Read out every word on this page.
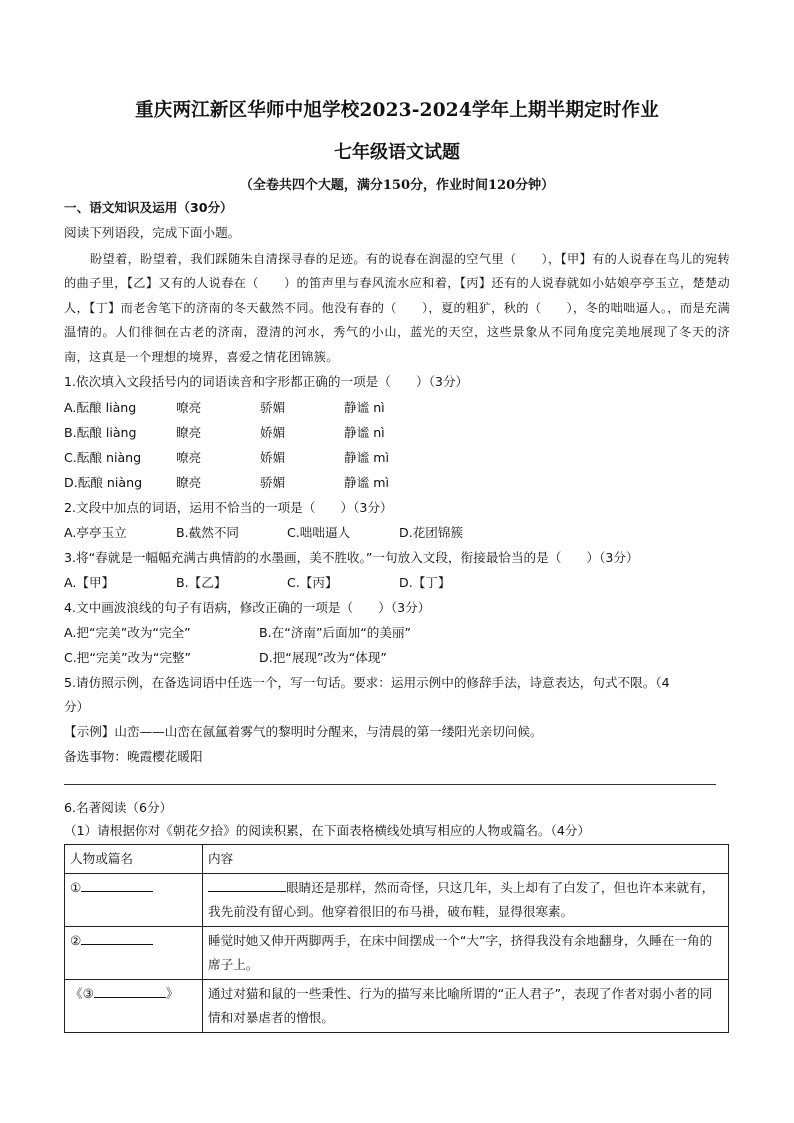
重庆两江新区华师中旭学校2023-2024学年上期半期定时作业
七年级语文试题
（全卷共四个大题，满分150分，作业时间120分钟）
一、语文知识及运用（30分）
阅读下列语段，完成下面小题。
盼望着，盼望着，我们踩随朱自清探寻春的足迹。有的说春在润湿的空气里（　　），【甲】有的人说春在鸟儿的宛转的曲子里，【乙】又有的人说春在（　　）的笛声里与春风流水应和着，【丙】还有的人说春就如小姑娘亭亭玉立，楚楚动人，【丁】而老舍笔下的济南的冬天截然不同。他没有春的（　　），夏的粗犷，秋的（　　），冬的咄咄逼人。，而是充满温情的。人们徘徊在古老的济南，澄清的河水，秀气的小山，蓝光的天空，这些景象从不同角度完美地展现了冬天的济南，这真是一个理想的境界，喜爱之情花团锦簇。
1.依次填入文段括号内的词语读音和字形都正确的一项是（　　）（3分）
A.酝酿 liàng	嘹亮	骄媚	静谧 nì
B.酝酿 liàng	瞭亮	娇媚	静谧 nì
C.酝酿 niàng	嘹亮	娇媚	静谧 mì
D.酝酿 niàng	瞭亮	骄媚	静谧 mì
2.文段中加点的词语，运用不恰当的一项是（　　）（3分）
A.亭亭玉立	B.截然不同	C.咄咄逼人	D.花团锦簇
3.将“春就是一幅幅充满古典情韵的水墨画，美不胜收。”一句放入文段，衔接最恰当的是（　　）（3分）
A.【甲】	B.【乙】	C.【丙】	D.【丁】
4.文中画波浪线的句子有语病，修改正确的一项是（　　）（3分）
A.把“完美”改为“完全”	B.在“济南”后面加“的美丽”
C.把“完美”改为“完整”	D.把“展现”改为“体现”
5.请仿照示例，在备选词语中任选一个，写一句话。要求：运用示例中的修辞手法，诗意表达，句式不限。（4
分）
【示例】山峦——山峦在氤氲着雾气的黎明时分醒来，与清晨的第一缕阳光亲切问候。
备选事物：晚霞樱花暖阳
6.名著阅读（6分）
（1）请根据你对《朝花夕拾》的阅读积累，在下面表格横线处填写相应的人物或篇名。（4分）
人物或篇名	内容
①	眼睛还是那样，然而奇怪，只这几年，头上却有了白发了，但也许本来就有，我先前没有留心到。他穿着很旧的布马褂，破布鞋，显得很寒素。
②	睡觉时她又伸开两脚两手，在床中间摆成一个“大”字，挤得我没有余地翻身，久睡在一角的席子上。
《③ 》	通过对猫和鼠的一些秉性、行为的描写来比喻所谓的“正人君子”，表现了作者对弱小者的同情和对暴虐者的憎恨。
